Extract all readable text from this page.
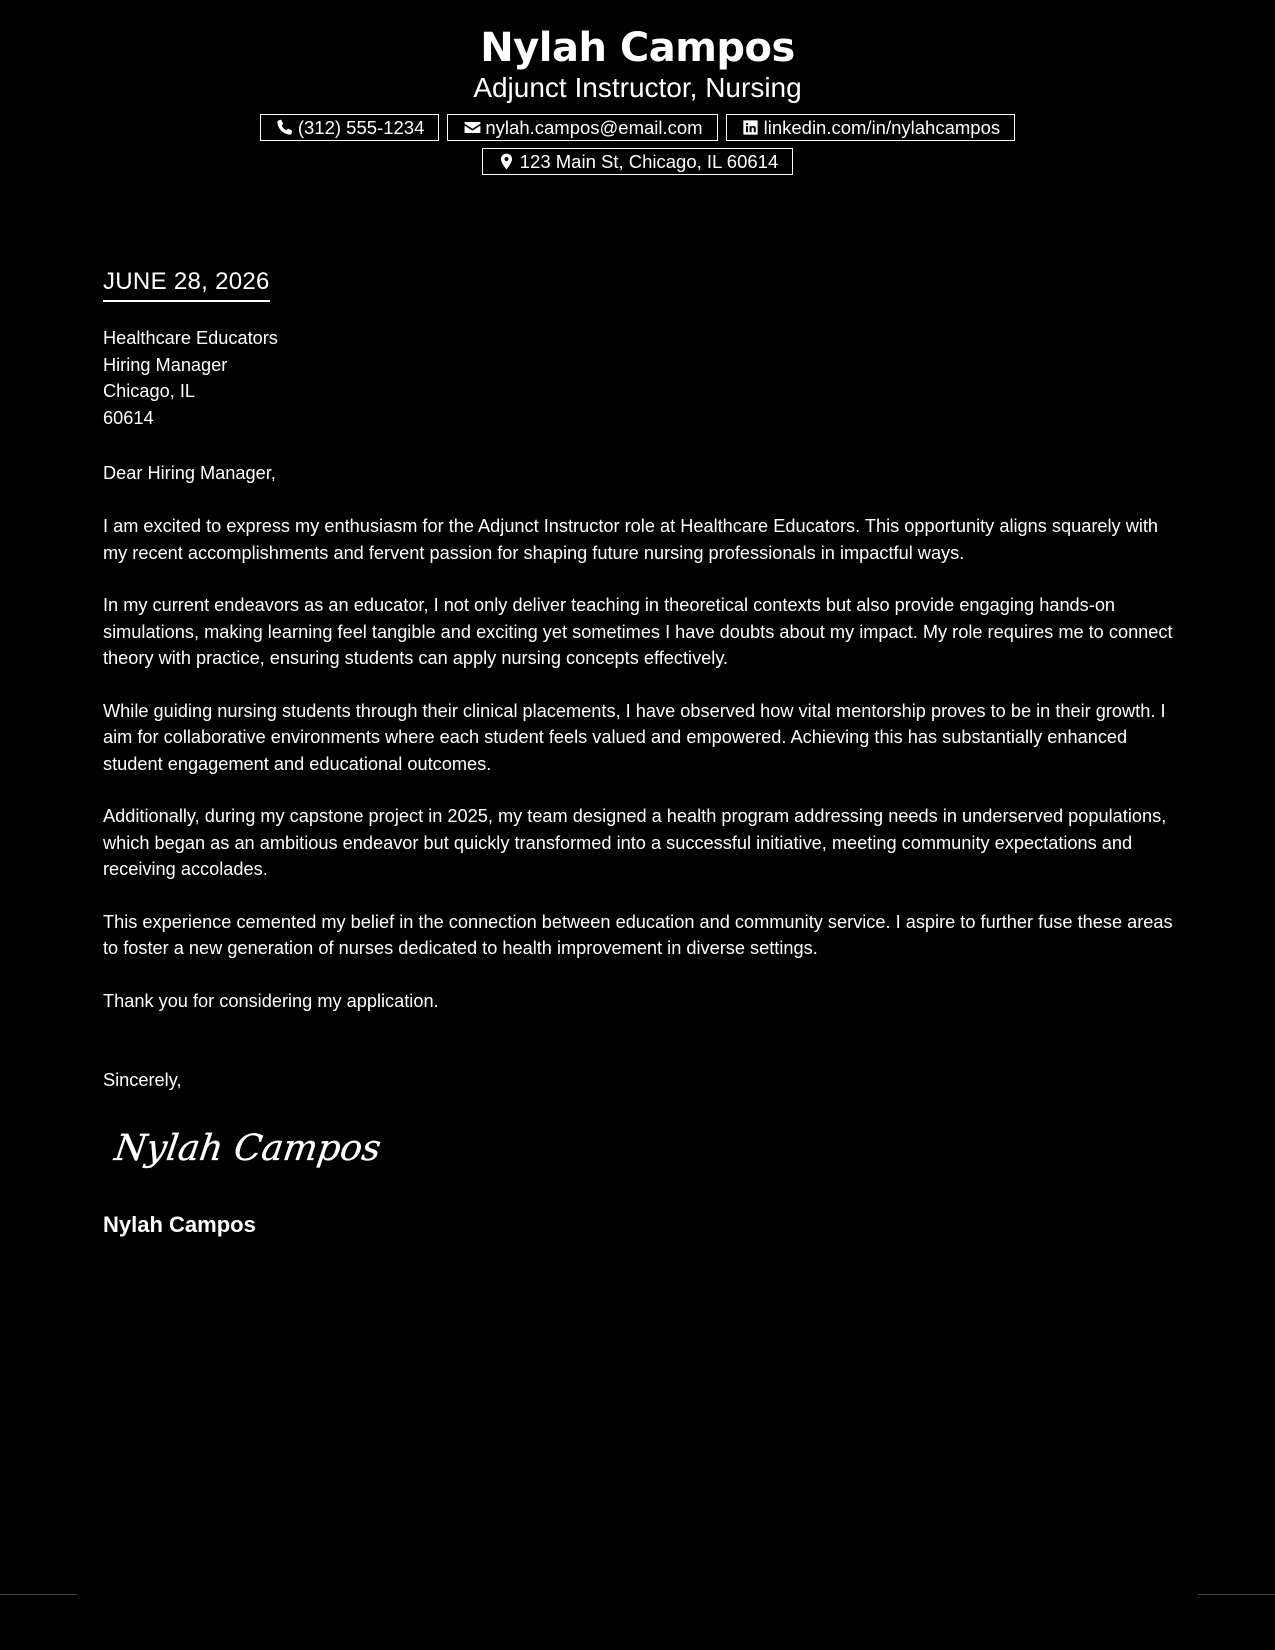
Nylah Campos
Adjunct Instructor, Nursing
(312) 555-1234	nylah.campos@email.com	linkedin.com/in/nylahcampos
123 Main St, Chicago, IL 60614
JUNE 28, 2026
Healthcare Educators
Hiring Manager
Chicago, IL
60614
Dear Hiring Manager,

I am excited to express my enthusiasm for the Adjunct Instructor role at Healthcare Educators. This opportunity aligns squarely with my recent accomplishments and fervent passion for shaping future nursing professionals in impactful ways.

In my current endeavors as an educator, I not only deliver teaching in theoretical contexts but also provide engaging hands-on simulations, making learning feel tangible and exciting yet sometimes I have doubts about my impact. My role requires me to connect theory with practice, ensuring students can apply nursing concepts effectively.

While guiding nursing students through their clinical placements, I have observed how vital mentorship proves to be in their growth. I aim for collaborative environments where each student feels valued and empowered. Achieving this has substantially enhanced student engagement and educational outcomes.

Additionally, during my capstone project in 2025, my team designed a health program addressing needs in underserved populations, which began as an ambitious endeavor but quickly transformed into a successful initiative, meeting community expectations and receiving accolades.

This experience cemented my belief in the connection between education and community service. I aspire to further fuse these areas to foster a new generation of nurses dedicated to health improvement in diverse settings.

Thank you for considering my application.

Sincerely,
Nylah Campos
Nylah Campos
